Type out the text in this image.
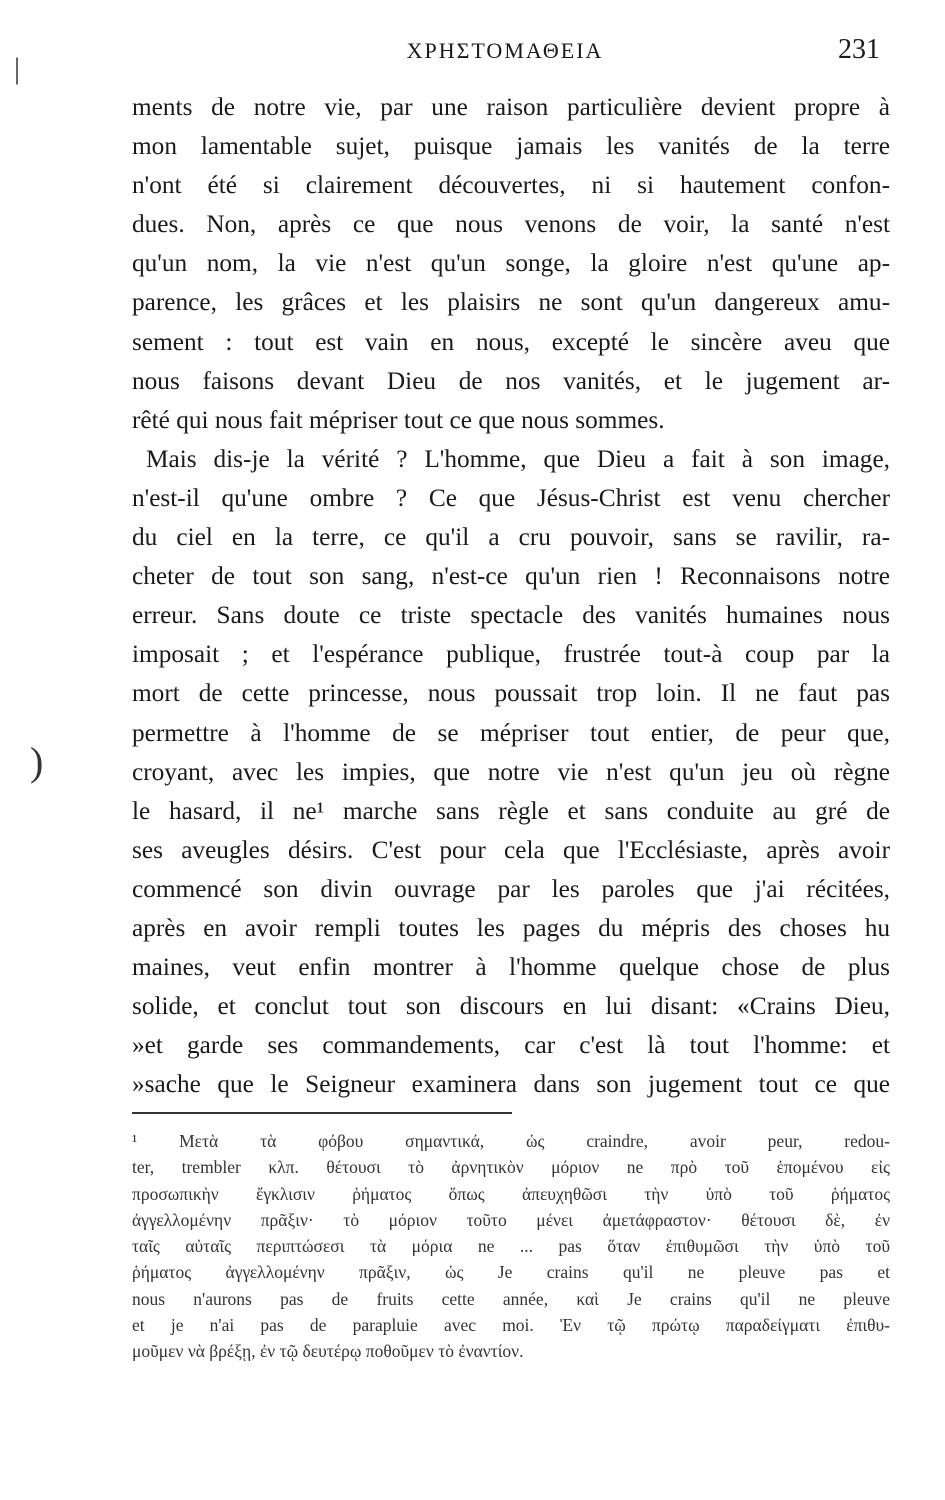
|
)
ΧΡΗΣΤΟΜΑΘΕΙΑ	231
ments de notre vie, par une raison particulière devient propre à
mon lamentable sujet, puisque jamais les vanités de la terre
n'ont été si clairement découvertes, ni si hautement confon-
dues. Non, après ce que nous venons de voir, la santé n'est
qu'un nom, la vie n'est qu'un songe, la gloire n'est qu'une ap-
parence, les grâces et les plaisirs ne sont qu'un dangereux amu-
sement : tout est vain en nous, excepté le sincère aveu que
nous faisons devant Dieu de nos vanités, et le jugement ar-
rêté qui nous fait mépriser tout ce que nous sommes.
Mais dis-je la vérité ? L'homme, que Dieu a fait à son image,
n'est-il qu'une ombre ? Ce que Jésus-Christ est venu chercher
du ciel en la terre, ce qu'il a cru pouvoir, sans se ravilir, ra-
cheter de tout son sang, n'est-ce qu'un rien ! Reconnaisons notre
erreur. Sans doute ce triste spectacle des vanités humaines nous
imposait ; et l'espérance publique, frustrée tout-à coup par la
mort de cette princesse, nous poussait trop loin. Il ne faut pas
permettre à l'homme de se mépriser tout entier, de peur que,
croyant, avec les impies, que notre vie n'est qu'un jeu où règne
le hasard, il ne¹ marche sans règle et sans conduite au gré de
ses aveugles désirs. C'est pour cela que l'Ecclésiaste, après avoir
commencé son divin ouvrage par les paroles que j'ai récitées,
après en avoir rempli toutes les pages du mépris des choses hu
maines, veut enfin montrer à l'homme quelque chose de plus
solide, et conclut tout son discours en lui disant: «Crains Dieu,
»et garde ses commandements, car c'est là tout l'homme: et
»sache que le Seigneur examinera dans son jugement tout ce que
¹ Μετὰ τὰ φόβου σημαντικά, ὡς craindre, avoir peur, redou-
ter, trembler κλπ. θέτουσι τὸ ἀρνητικὸν μόριον ne πρὸ τοῦ ἑπομένου εἰς
προσωπικὴν ἔγκλισιν ῥήματος ὅπως ἀπευχηθῶσι τὴν ὑπὸ τοῦ ῥήματος
ἀγγελλομένην πρᾶξιν· τὸ μόριον τοῦτο μένει ἀμετάφραστον· θέτουσι δὲ, ἐν
ταῖς αὐταῖς περιπτώσεσι τὰ μόρια ne ... pas ὅταν ἐπιθυμῶσι τὴν ὑπὸ τοῦ
ῥήματος ἀγγελλομένην πρᾶξιν, ὡς Je crains qu'il ne pleuve pas et
nous n'aurons pas de fruits cette année, καὶ Je crains qu'il ne pleuve
et je n'ai pas de parapluie avec moi. Ἐν τῷ πρώτῳ παραδείγματι ἐπιθυ-
μοῦμεν νὰ βρέξῃ, ἐν τῷ δευτέρῳ ποθοῦμεν τὸ ἐναντίον.
